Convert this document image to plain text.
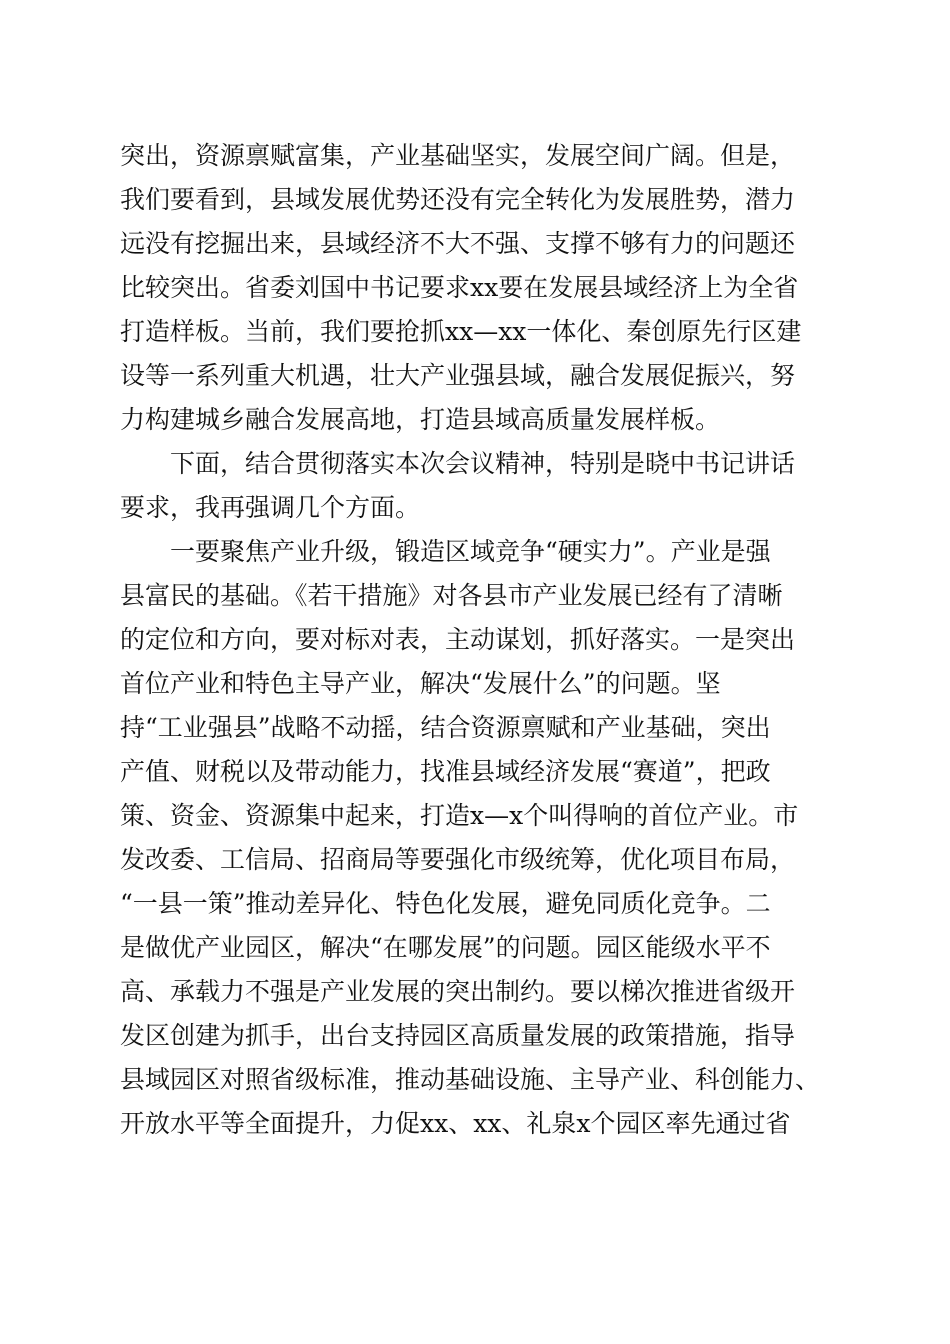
突出，资源禀赋富集，产业基础坚实，发展空间广阔。但是，
我们要看到，县域发展优势还没有完全转化为发展胜势，潜力
远没有挖掘出来，县域经济不大不强、支撑不够有力的问题还
比较突出。省委刘国中书记要求xx要在发展县域经济上为全省
打造样板。当前，我们要抢抓xx—xx一体化、秦创原先行区建
设等一系列重大机遇，壮大产业强县域，融合发展促振兴，努
力构建城乡融合发展高地，打造县域高质量发展样板。
　　下面，结合贯彻落实本次会议精神，特别是晓中书记讲话
要求，我再强调几个方面。
　　一要聚焦产业升级，锻造区域竞争“硬实力”。产业是强
县富民的基础。《若干措施》对各县市产业发展已经有了清晰
的定位和方向，要对标对表，主动谋划，抓好落实。一是突出
首位产业和特色主导产业，解决“发展什么”的问题。坚
持“工业强县”战略不动摇，结合资源禀赋和产业基础，突出
产值、财税以及带动能力，找准县域经济发展“赛道”，把政
策、资金、资源集中起来，打造x—x个叫得响的首位产业。市
发改委、工信局、招商局等要强化市级统筹，优化项目布局，
“一县一策”推动差异化、特色化发展，避免同质化竞争。二
是做优产业园区，解决“在哪发展”的问题。园区能级水平不
高、承载力不强是产业发展的突出制约。要以梯次推进省级开
发区创建为抓手，出台支持园区高质量发展的政策措施，指导
县域园区对照省级标准，推动基础设施、主导产业、科创能力、
开放水平等全面提升，力促xx、xx、礼泉x个园区率先通过省
